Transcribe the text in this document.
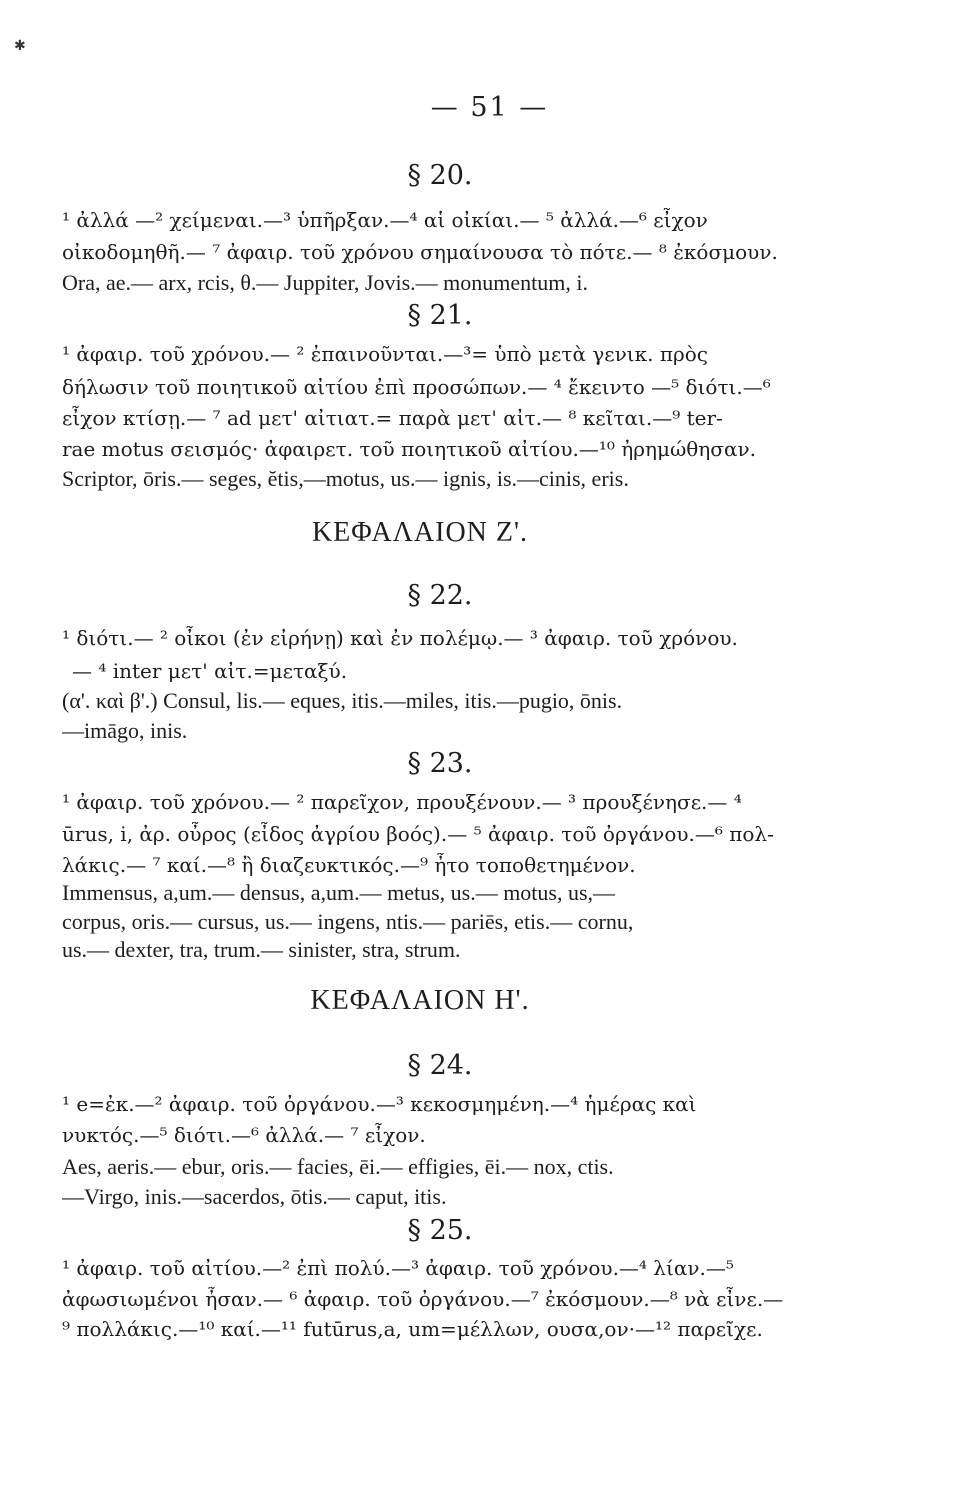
✱
— 51 —
§ 20.
¹ ἀλλά —² χείμεναι.—³ ὑπῆρξαν.—⁴ αἱ οἰκίαι.— ⁵ ἀλλά.—⁶ εἶχον
οἰκοδομηθῆ.— ⁷ ἀφαιρ. τοῦ χρόνου σημαίνουσα τὸ πότε.— ⁸ ἐκόσμουν.
Ora, ae.— arx, rcis, θ.— Juppiter, Jovis.— monumentum, i.
§ 21.
¹ ἀφαιρ. τοῦ χρόνου.— ² ἐπαινοῦνται.—³= ὑπὸ μετὰ γενικ. πρὸς
δήλωσιν τοῦ ποιητικοῦ αἰτίου ἐπὶ προσώπων.— ⁴ ἔκειντο —⁵ διότι.—⁶
εἶχον κτίσῃ.— ⁷ ad μετ' αἰτιατ.= παρὰ μετ' αἰτ.— ⁸ κεῖται.—⁹ ter-
rae motus σεισμός· ἀφαιρετ. τοῦ ποιητικοῦ αἰτίου.—¹⁰ ἠρημώθησαν.
Scriptor, ōris.— seges, ĕtis,—motus, us.— ignis, is.—cinis, eris.
ΚΕΦΑΛΑΙΟΝ Ζ'.
§ 22.
¹ διότι.— ² οἶκοι (ἐν εἰρήνῃ) καὶ ἐν πολέμῳ.— ³ ἀφαιρ. τοῦ χρόνου.
— ⁴ inter μετ' αἰτ.=μεταξύ.
(α'. καὶ β'.) Consul, lis.— eques, itis.—miles, itis.—pugio, ōnis.
—imāgo, inis.
§ 23.
¹ ἀφαιρ. τοῦ χρόνου.— ² παρεῖχον, προυξένουν.— ³ προυξένησε.— ⁴
ūrus, i, ἀρ. οὖρος (εἶδος ἀγρίου βοός).— ⁵ ἀφαιρ. τοῦ ὀργάνου.—⁶ πολ-
λάκις.— ⁷ καί.—⁸ ἢ διαζευκτικός.—⁹ ἦτο τοποθετημένον.
Immensus, a,um.— densus, a,um.— metus, us.— motus, us,—
corpus, oris.— cursus, us.— ingens, ntis.— pariēs, etis.— cornu,
us.— dexter, tra, trum.— sinister, stra, strum.
ΚΕΦΑΛΑΙΟΝ Η'.
§ 24.
¹ e=ἐκ.—² ἀφαιρ. τοῦ ὀργάνου.—³ κεκοσμημένη.—⁴ ἡμέρας καὶ
νυκτός.—⁵ διότι.—⁶ ἀλλά.— ⁷ εἶχον.
Aes, aeris.— ebur, oris.— facies, ēi.— effigies, ēi.— nox, ctis.
—Virgo, inis.—sacerdos, ōtis.— caput, itis.
§ 25.
¹ ἀφαιρ. τοῦ αἰτίου.—² ἐπὶ πολύ.—³ ἀφαιρ. τοῦ χρόνου.—⁴ λίαν.—⁵
ἀφωσιωμένοι ἦσαν.— ⁶ ἀφαιρ. τοῦ ὀργάνου.—⁷ ἐκόσμουν.—⁸ νὰ εἶνε.—
⁹ πολλάκις.—¹⁰ καί.—¹¹ futūrus,a, um=μέλλων, ουσα,ον·—¹² παρεῖχε.
